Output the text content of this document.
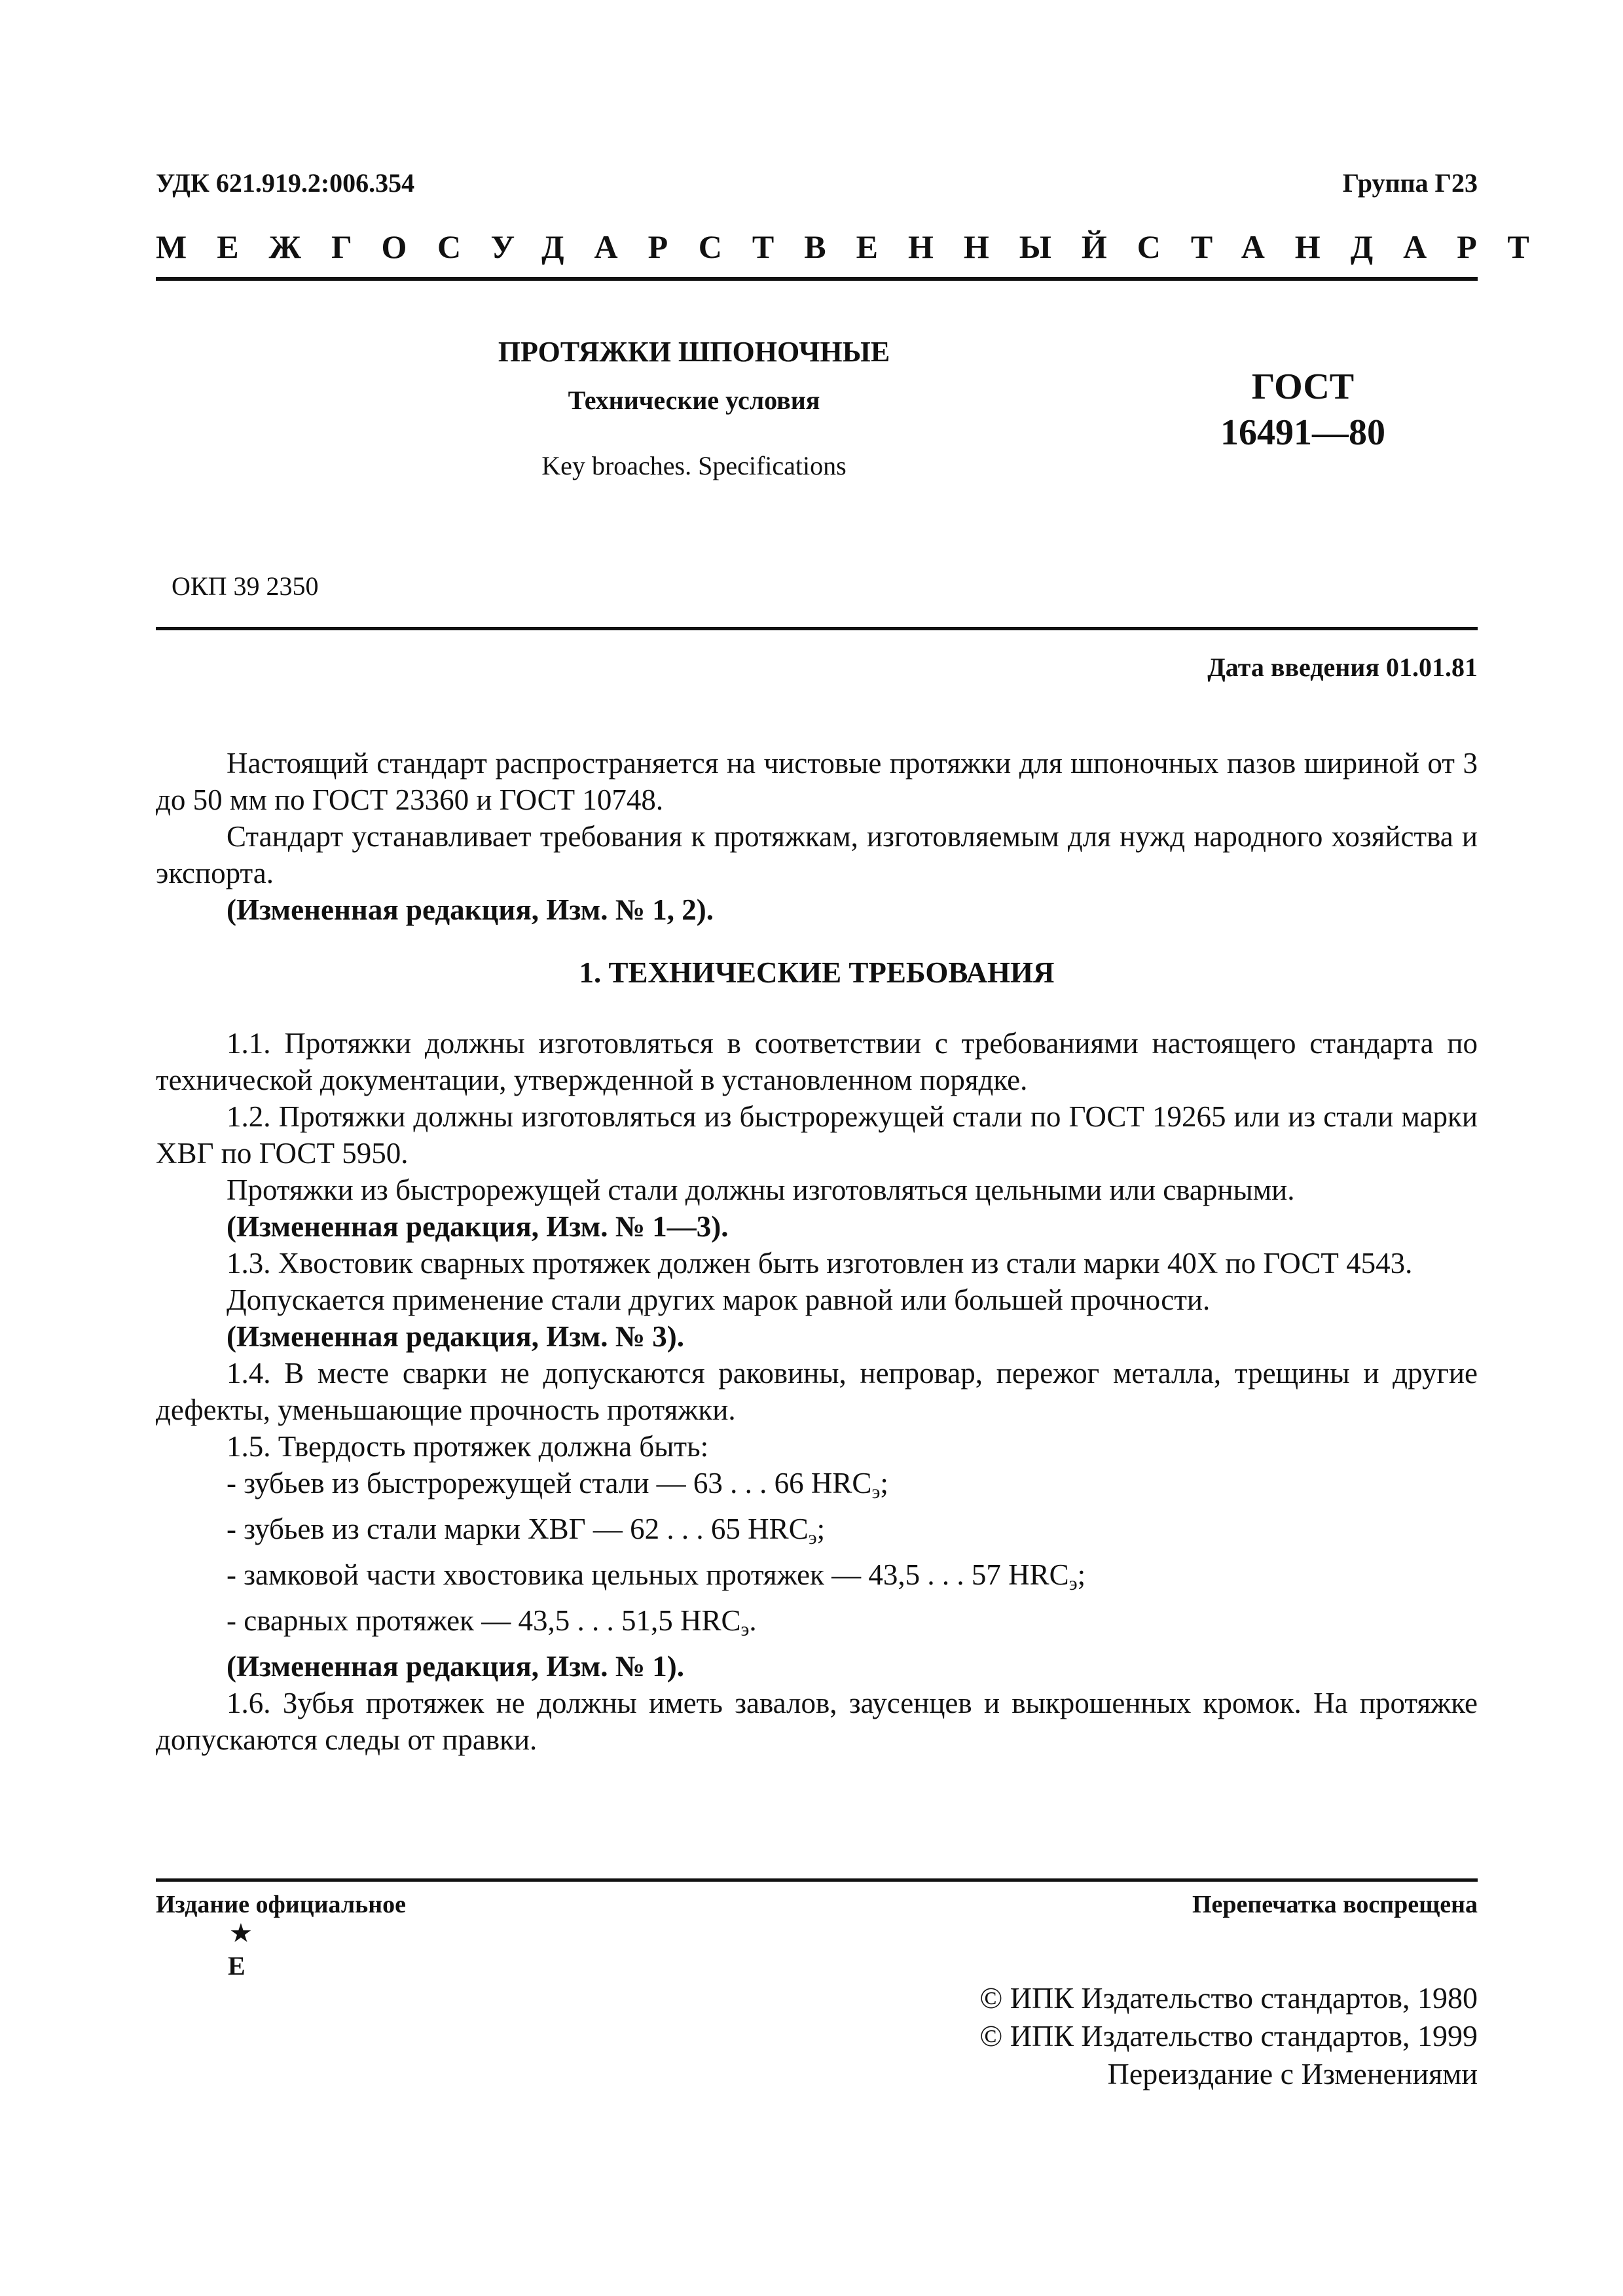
УДК 621.919.2:006.354	Группа Г23
МЕЖГОСУДАРСТВЕННЫЙ СТАНДАРТ
ПРОТЯЖКИ ШПОНОЧНЫЕ
Технические условия
Key broaches. Specifications
ГОСТ
16491—80
ОКП 39 2350
Дата введения 01.01.81

Настоящий стандарт распространяется на чистовые протяжки для шпоночных пазов шириной от 3 до 50 мм по ГОСТ 23360 и ГОСТ 10748.

Стандарт устанавливает требования к протяжкам, изготовляемым для нужд народного хозяйства и экспорта.

(Измененная редакция, Изм. № 1, 2).

1. ТЕХНИЧЕСКИЕ ТРЕБОВАНИЯ

1.1. Протяжки должны изготовляться в соответствии с требованиями настоящего стандарта по технической документации, утвержденной в установленном порядке.

1.2. Протяжки должны изготовляться из быстрорежущей стали по ГОСТ 19265 или из стали марки ХВГ по ГОСТ 5950.

Протяжки из быстрорежущей стали должны изготовляться цельными или сварными.

(Измененная редакция, Изм. № 1—3).

1.3. Хвостовик сварных протяжек должен быть изготовлен из стали марки 40Х по ГОСТ 4543.

Допускается применение стали других марок равной или большей прочности.

(Измененная редакция, Изм. № 3).

1.4. В месте сварки не допускаются раковины, непровар, пережог металла, трещины и другие дефекты, уменьшающие прочность протяжки.

1.5. Твердость протяжек должна быть:

- зубьев из быстрорежущей стали — 63 . . . 66 $HRC_э$;

- зубьев из стали марки ХВГ — 62 . . . 65 $HRC_э$;

- замковой части хвостовика цельных протяжек — 43,5 . . . 57 $HRC_э$;

- сварных протяжек — 43,5 . . . 51,5 $HRC_э$.

(Измененная редакция, Изм. № 1).

1.6. Зубья протяжек не должны иметь завалов, заусенцев и выкрошенных кромок. На протяжке допускаются следы от правки.

Издание официальное	Перепечатка воспрещена
★
Е
© ИПК Издательство стандартов, 1980
© ИПК Издательство стандартов, 1999
Переиздание с Изменениями
